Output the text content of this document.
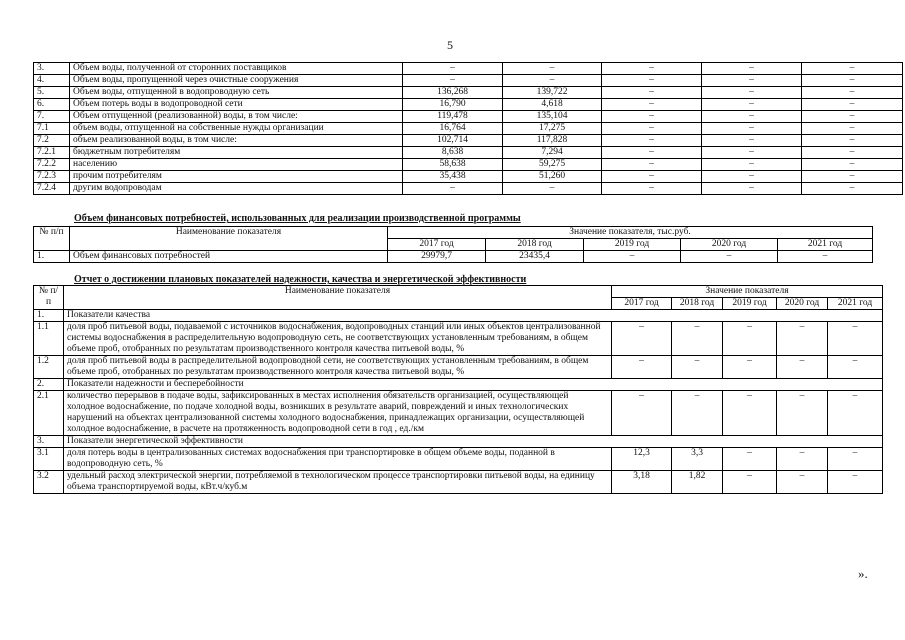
5
3.	Объем воды, полученной от сторонних поставщиков	–	–	–	–	–
4.	Объем воды, пропущенной через очистные сооружения	–	–	–	–	–
5.	Объем воды, отпущенной в водопроводную сеть	136,268	139,722	–	–	–
6.	Объем потерь воды в водопроводной сети	16,790	4,618	–	–	–
7.	Объем отпущенной (реализованной) воды, в том числе:	119,478	135,104	–	–	–
7.1	объем воды, отпущенной на собственные нужды организации	16,764	17,275	–	–	–
7.2	объем реализованной воды, в том числе:	102,714	117,828	–	–	–
7.2.1	бюджетным потребителям	8,638	7,294	–	–	–
7.2.2	населению	58,638	59,275	–	–	–
7.2.3	прочим потребителям	35,438	51,260	–	–	–
7.2.4	другим водопроводам	–	–	–	–	–
Объем финансовых потребностей, использованных для реализации производственной программы
№ п/п	Наименование показателя	Значение показателя, тыс.руб.				
		2017 год	2018 год	2019 год	2020 год	2021 год
1.	Объем финансовых потребностей	29979,7	23435,4	–	–	–
Отчет о достижении плановых показателей надежности, качества и энергетической эффективности
№ п/п	Наименование показателя	Значение показателя				
		2017 год	2018 год	2019 год	2020 год	2021 год
1.	Показатели качества					
1.1	доля проб питьевой воды, подаваемой с источников водоснабжения, водопроводных станций или иных объектов централизованной системы водоснабжения в распределительную водопроводную сеть, не соответствующих установленным требованиям, в общем объеме проб, отобранных по результатам производственного контроля качества питьевой воды, %	–	–	–	–	–
1.2	доля проб питьевой воды в распределительной водопроводной сети, не соответствующих установленным требованиям, в общем объеме проб, отобранных по результатам производственного контроля качества питьевой воды, %	–	–	–	–	–
2.	Показатели надежности и бесперебойности					
2.1	количество перерывов в подаче воды, зафиксированных в местах исполнения обязательств организацией, осуществляющей холодное водоснабжение, по подаче холодной воды, возникших в результате аварий, повреждений и иных технологических нарушений на объектах централизованной системы холодного водоснабжения, принадлежащих организации, осуществляющей холодное водоснабжение, в расчете на протяженность водопроводной сети в год , ед./км	–	–	–	–	–
3.	Показатели энергетической эффективности					
3.1	доля потерь воды в централизованных системах водоснабжения при транспортировке в общем объеме воды, поданной в водопроводную сеть, %	12,3	3,3	–	–	–
3.2	удельный расход электрической энергии, потребляемой в технологическом процессе транспортировки питьевой воды, на единицу объема транспортируемой воды, кВт.ч/куб.м	3,18	1,82	–	–	–
».
